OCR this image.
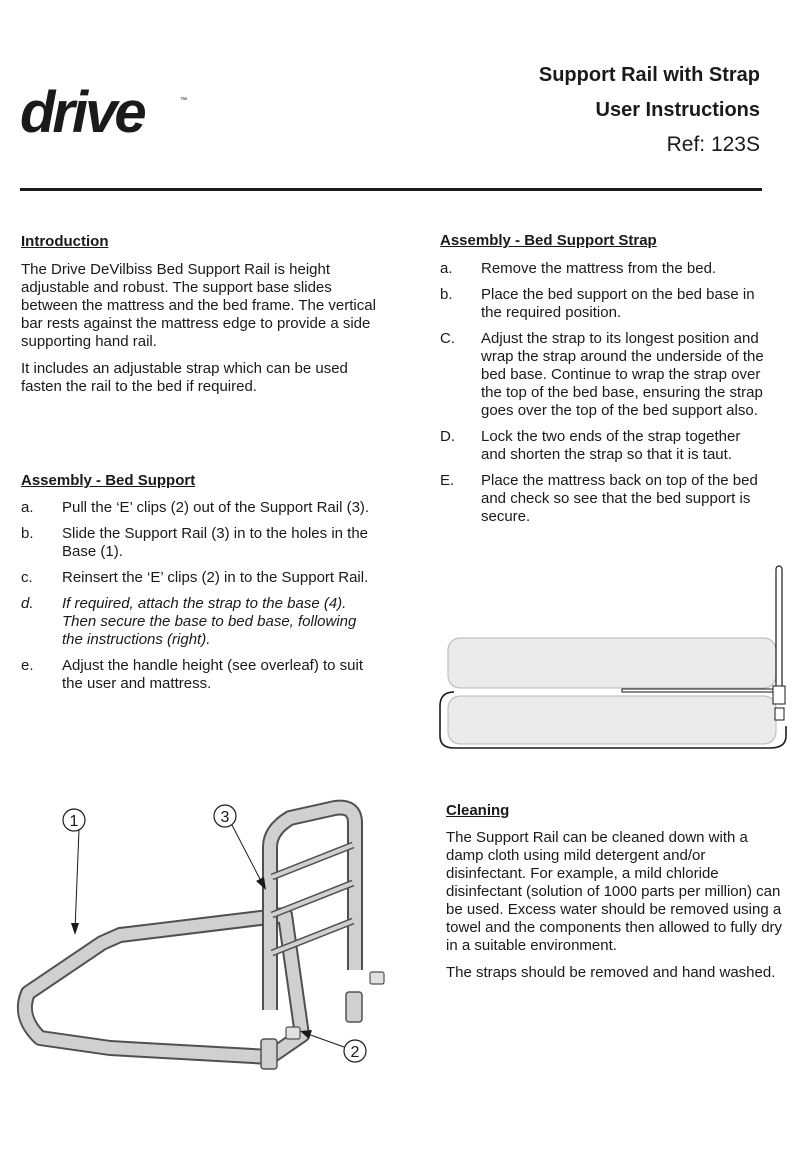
drive	™
Support Rail with Strap
User Instructions
Ref: 123S
Introduction

The Drive DeVilbiss Bed Support Rail is height adjustable and robust. The support base slides between the mattress and the bed frame. The vertical bar rests against the mattress edge to provide a side supporting hand rail.

It includes an adjustable strap which can be used fasten the rail to the bed if required.

Assembly - Bed Support
a.	Pull the ‘E’ clips (2) out of the Support Rail (3).
b.	Slide the Support Rail (3) in to the holes in the Base (1).
c.	Reinsert the ‘E’ clips (2) in to the Support Rail.
d.	If required, attach the strap to the base (4). Then secure the base to bed base, following the instructions (right).
e.	Adjust the handle height (see overleaf) to suit the user and mattress.
Assembly - Bed Support Strap
a.	Remove the mattress from the bed.
b.	Place the bed support on the bed base in the required position.
C.	Adjust the strap to its longest position and wrap the strap around the underside of the bed base. Continue to wrap the strap over the top of the bed base, ensuring the strap goes over the top of the bed support also.
D.	Lock the two ends of the strap together and shorten the strap so that it is taut.
E.	Place the mattress back on top of the bed and check so see that the bed support is secure.
Cleaning

The Support Rail can be cleaned down with a damp cloth using mild detergent and/or disinfectant. For example, a mild chloride disinfectant (solution of 1000 parts per million) can be used. Excess water should be removed using a towel and the components then allowed to fully dry in a suitable environment.

The straps should be removed and hand washed.

1	3
2
